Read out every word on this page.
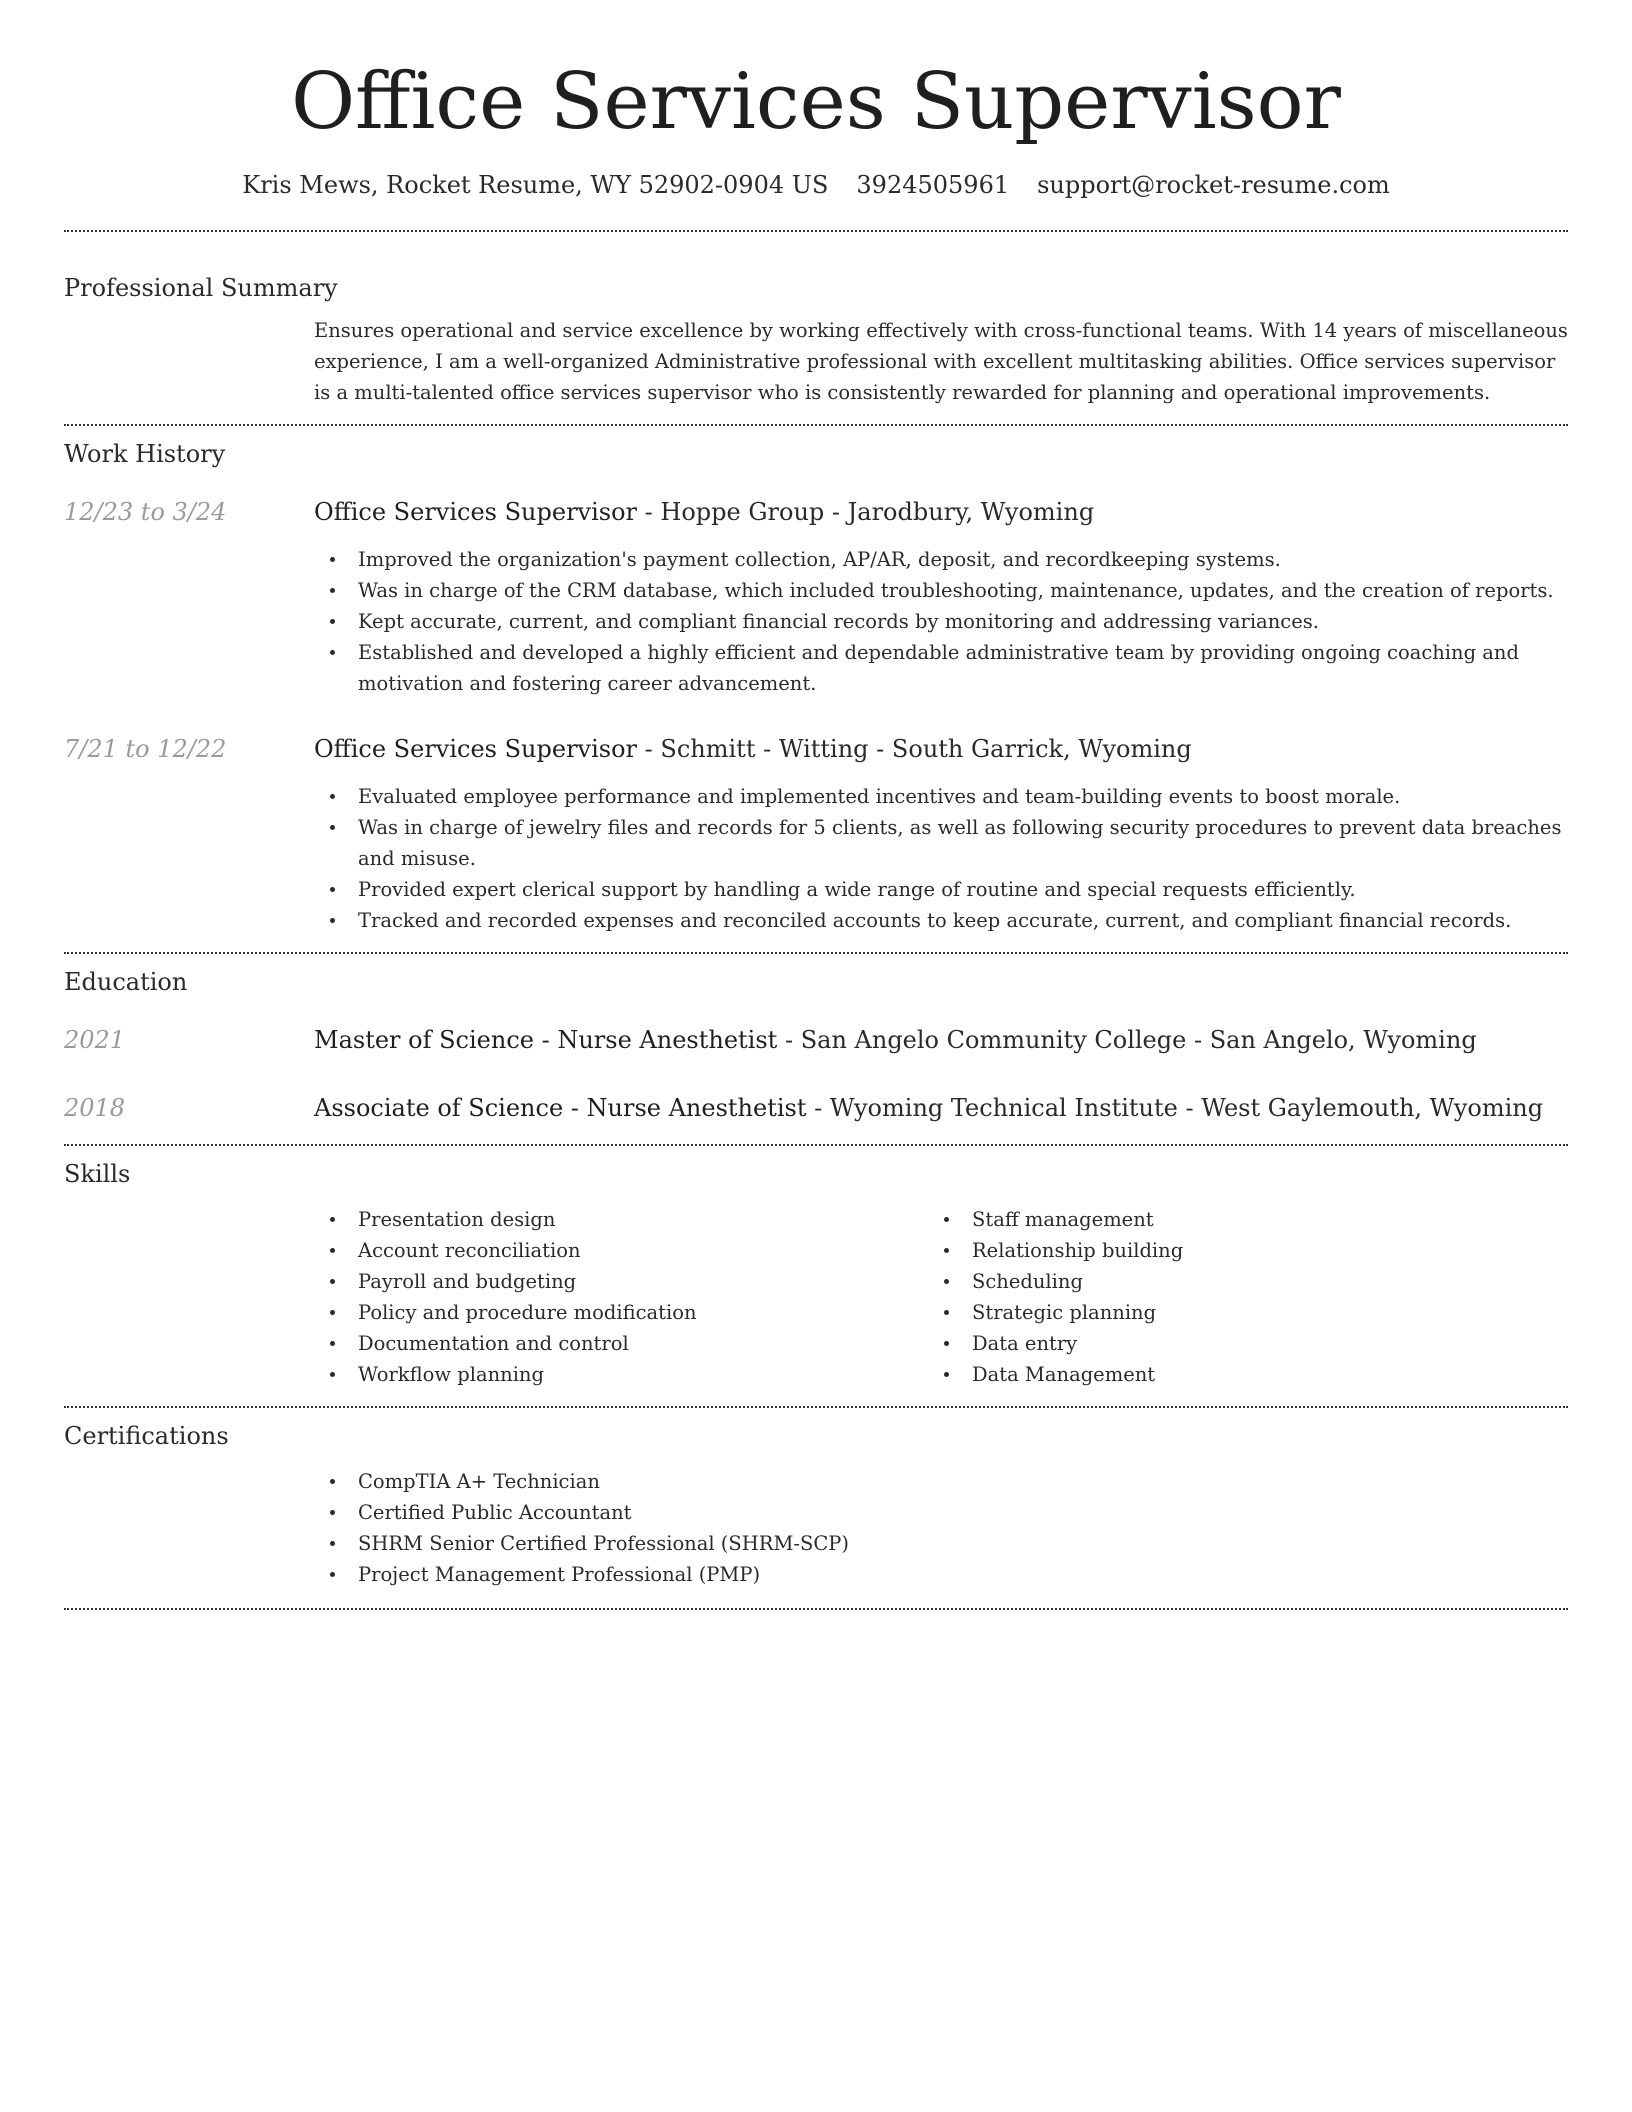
Office Services Supervisor
Kris Mews, Rocket Resume, WY 52902-0904 US 3924505961 support@rocket-resume.com
Professional Summary

Ensures operational and service excellence by working effectively with cross-functional teams. With 14 years of miscellaneous experience, I am a well-organized Administrative professional with excellent multitasking abilities. Office services supervisor is a multi-talented office services supervisor who is consistently rewarded for planning and operational improvements.

Work History
12/23 to 3/24	Office Services Supervisor - Hoppe Group - Jarodbury, Wyoming
Improved the organization's payment collection, AP/AR, deposit, and recordkeeping systems.
Was in charge of the CRM database, which included troubleshooting, maintenance, updates, and the creation of reports.
Kept accurate, current, and compliant financial records by monitoring and addressing variances.
Established and developed a highly efficient and dependable administrative team by providing ongoing coaching and motivation and fostering career advancement.
7/21 to 12/22	Office Services Supervisor - Schmitt - Witting - South Garrick, Wyoming
Evaluated employee performance and implemented incentives and team-building events to boost morale.
Was in charge of jewelry files and records for 5 clients, as well as following security procedures to prevent data breaches and misuse.
Provided expert clerical support by handling a wide range of routine and special requests efficiently.
Tracked and recorded expenses and reconciled accounts to keep accurate, current, and compliant financial records.
Education
2021	Master of Science - Nurse Anesthetist - San Angelo Community College - San Angelo, Wyoming
2018	Associate of Science - Nurse Anesthetist - Wyoming Technical Institute - West Gaylemouth, Wyoming
Skills
Presentation design
Account reconciliation
Payroll and budgeting
Policy and procedure modification
Documentation and control
Workflow planning
Staff management
Relationship building
Scheduling
Strategic planning
Data entry
Data Management
Certifications
CompTIA A+ Technician
Certified Public Accountant
SHRM Senior Certified Professional (SHRM-SCP)
Project Management Professional (PMP)
